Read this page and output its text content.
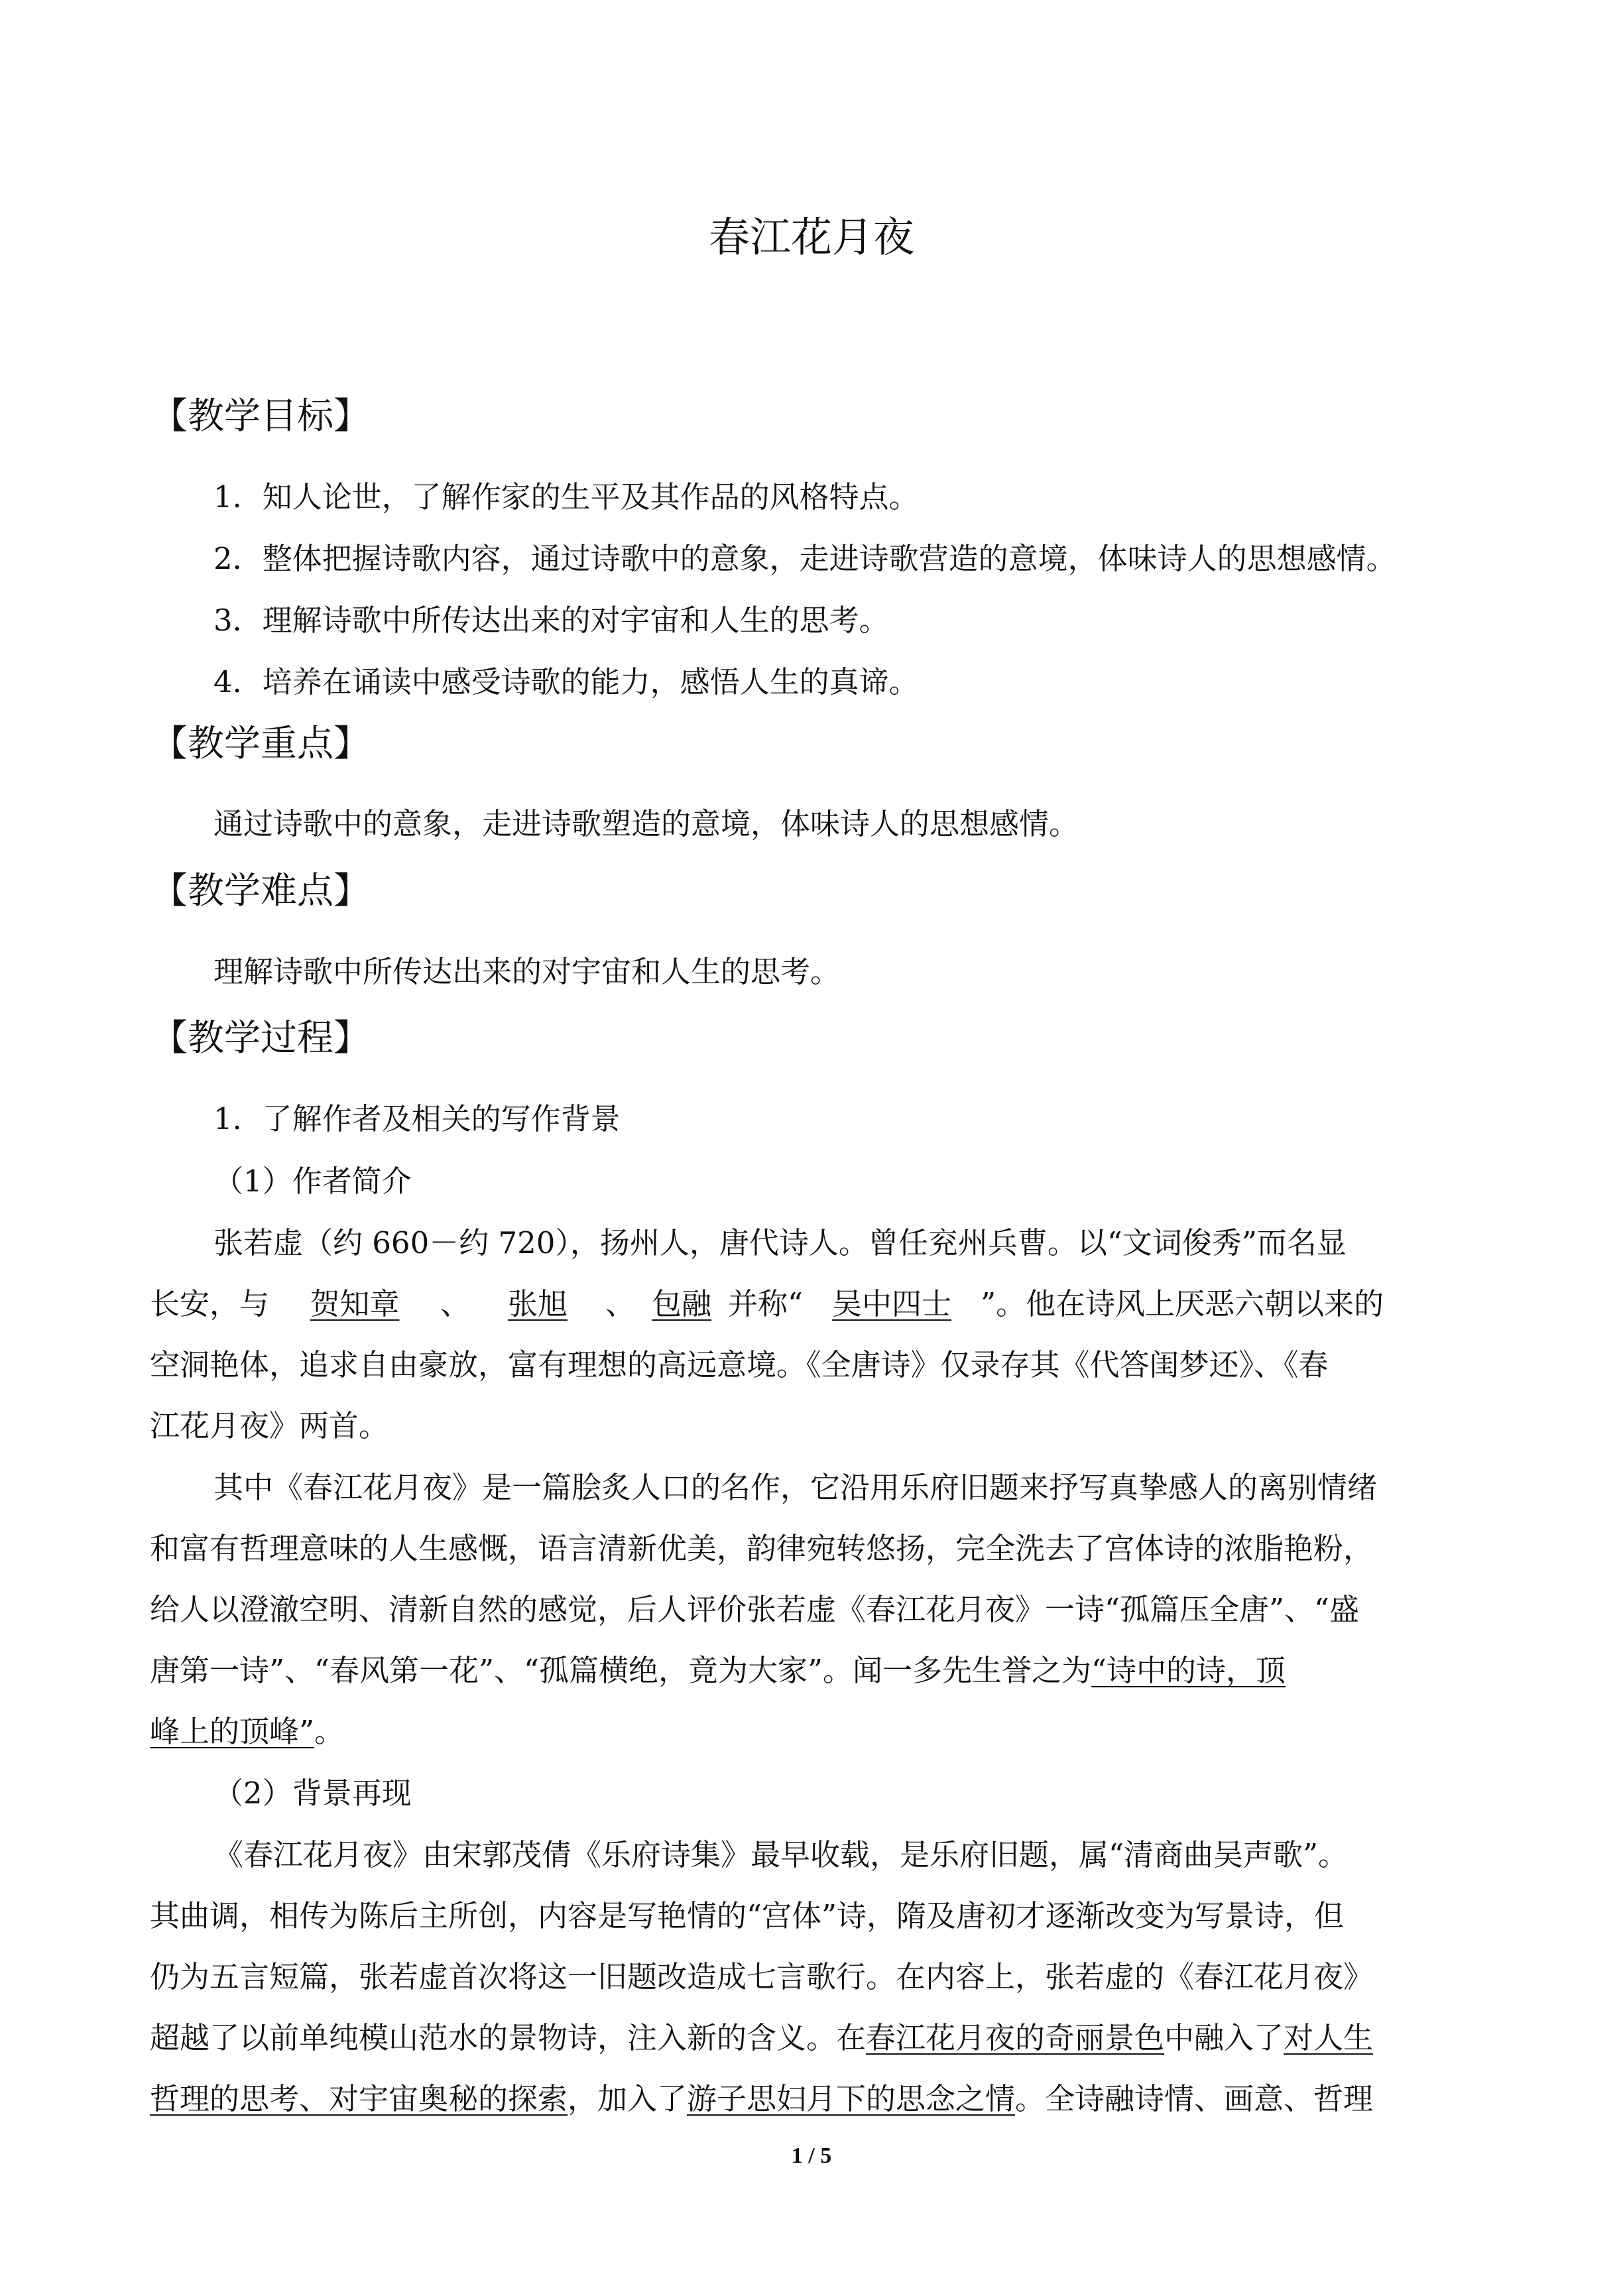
春江花月夜
【教学目标】
1．知人论世，了解作家的生平及其作品的风格特点。
2．整体把握诗歌内容，通过诗歌中的意象，走进诗歌营造的意境，体味诗人的思想感情。
3．理解诗歌中所传达出来的对宇宙和人生的思考。
4．培养在诵读中感受诗歌的能力，感悟人生的真谛。
【教学重点】
通过诗歌中的意象，走进诗歌塑造的意境，体味诗人的思想感情。
【教学难点】
理解诗歌中所传达出来的对宇宙和人生的思考。
【教学过程】
1．了解作者及相关的写作背景
（1）作者简介
张若虚（约 660－约 720），扬州人，唐代诗人。曾任兖州兵曹。以“文词俊秀”而名显
长安，与 贺知章 、 张旭 、 包融 并称“ 吴中四士 ”。他在诗风上厌恶六朝以来的
空洞艳体，追求自由豪放，富有理想的高远意境。《全唐诗》仅录存其《代答闺梦还》、《春
江花月夜》两首。
其中《春江花月夜》是一篇脍炙人口的名作，它沿用乐府旧题来抒写真挚感人的离别情绪
和富有哲理意味的人生感慨，语言清新优美，韵律宛转悠扬，完全洗去了宫体诗的浓脂艳粉，
给人以澄澈空明、清新自然的感觉，后人评价张若虚《春江花月夜》一诗“孤篇压全唐”、“盛
唐第一诗”、“春风第一花”、“孤篇横绝，竟为大家”。闻一多先生誉之为“诗中的诗，顶
峰上的顶峰”。
（2）背景再现
《春江花月夜》由宋郭茂倩《乐府诗集》最早收载，是乐府旧题，属“清商曲吴声歌”。
其曲调，相传为陈后主所创，内容是写艳情的“宫体”诗，隋及唐初才逐渐改变为写景诗，但
仍为五言短篇，张若虚首次将这一旧题改造成七言歌行。在内容上，张若虚的《春江花月夜》
超越了以前单纯模山范水的景物诗，注入新的含义。在春江花月夜的奇丽景色中融入了对人生
哲理的思考、对宇宙奥秘的探索，加入了游子思妇月下的思念之情。全诗融诗情、画意、哲理
1 / 5
